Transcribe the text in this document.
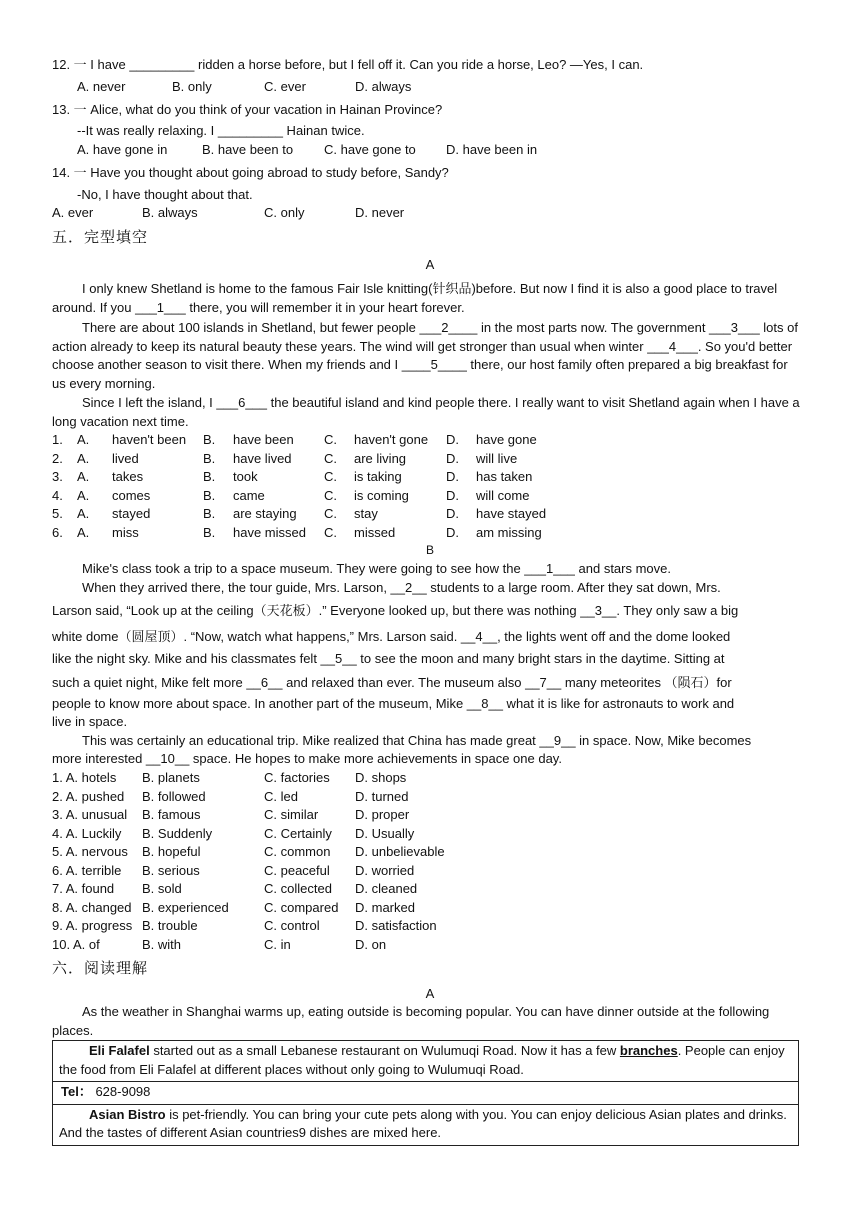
12. 一 I have _________ ridden a horse before, but I fell off it. Can you ride a horse, Leo? —Yes, I can.
A. never	B. only	C. ever	D. always
13. 一 Alice, what do you think of your vacation in Hainan Province?
--It was really relaxing. I _________ Hainan twice.
A. have gone in	B. have been to C. have gone to D. have been in
14. 一 Have you thought about going abroad to study before, Sandy?
-No, I have thought about that.
A. ever	B. always	C. only	D. never
五．完型填空
A
I only knew Shetland is home to the famous Fair Isle knitting(针织品)before. But now I find it is also a good place to travel around. If you ___1___ there, you will remember it in your heart forever.
There are about 100 islands in Shetland, but fewer people ___2____ in the most parts now. The government ___3___ lots of action already to keep its natural beauty these years. The wind will get stronger than usual when winter ___4___. So you'd better choose another season to visit there. When my friends and I ____5____ there, our host family often prepared a big breakfast for us every morning.
Since I left the island, I ___6___ the beautiful island and kind people there. I really want to visit Shetland again when I have a long vacation next time.
1. A. haven't been B. have been C. haven't gone D. have gone
2. A. lived	B. have lived C. are living	D. will live
3. A. takes	B. took	C. is taking	D. has taken
4. A. comes	B. came	C. is coming	D. will come
5. A. stayed	B. are staying C. stay	D. have stayed
6. A. miss	B. have missed C. missed	D. am missing
B
Mike's class took a trip to a space museum. They were going to see how the ___1___ and stars move.
When they arrived there, the tour guide, Mrs. Larson, __2__ students to a large room. After they sat down, Mrs.
Larson said, “Look up at the ceiling（天花板）.” Everyone looked up, but there was nothing __3__. They only saw a big
white dome（圆屋顶）. “Now, watch what happens,” Mrs. Larson said. __4__, the lights went off and the dome looked
like the night sky. Mike and his classmates felt __5__ to see the moon and many bright stars in the daytime. Sitting at
such a quiet night, Mike felt more __6__ and relaxed than ever. The museum also __7__ many meteorites （陨石）for
people to know more about space. In another part of the museum, Mike __8__ what it is like for astronauts to work and
live in space.
This was certainly an educational trip. Mike realized that China has made great __9__ in space. Now, Mike becomes
more interested __10__ space. He hopes to make more achievements in space one day.
1. A. hotels B. planets	C. factories D. shops
2. A. pushed B. followed	C. led	D. turned
3. A. unusual B. famous	C. similar	D. proper
4. A. Luckily B. Suddenly	C. Certainly D. Usually
5. A. nervous B. hopeful	C. common D. unbelievable
6. A. terrible B. serious	C. peaceful D. worried
7. A. found B. sold	C. collected D. cleaned
8. A. changed B. experienced	C. compared D. marked
9. A. progress B. trouble	C. control	D. satisfaction
10. A. of	B. with	C. in	D. on
六．阅读理解
A
As the weather in Shanghai warms up, eating outside is becoming popular. You can have dinner outside at the following places.
Eli Falafel started out as a small Lebanese restaurant on Wulumuqi Road. Now it has a few branches. People can enjoy the food from Eli Falafel at different places without only going to Wulumuqi Road.
Tel： 628-9098
Asian Bistro is pet-friendly. You can bring your cute pets along with you. You can enjoy delicious Asian plates and drinks. And the tastes of different Asian countries9 dishes are mixed here.
